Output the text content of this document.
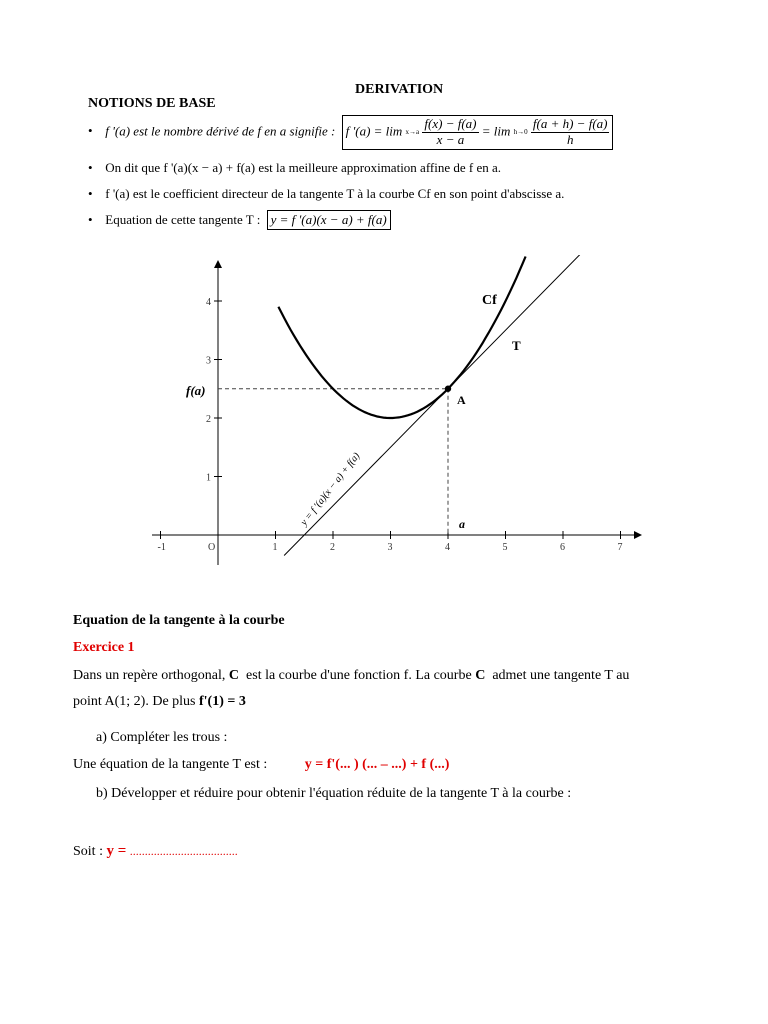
DERIVATION
NOTIONS DE BASE
• f '(a) est le nombre dérivé de f en a signifie : f '(a) = lim x→a
$\frac{f(x) - f(a)}{x - a} = \lim h\to 0$
$\frac{f(a + h) - f(a)}{h}$
• On dit que f '(a)(x − a) + f(a) est la meilleure approximation affine de f en a.
• f '(a) est le coefficient directeur de la tangente T à la courbe Cf en son point d'abscisse a.
• Equation de cette tangente T : y = f '(a)(x − a) + f(a)
-1	O	1	2	3	4	5	6	7
1
2
3
4	Cf
T
A
f(a)
a
y = f '(a)(x − a) + f(a)
Equation de la tangente à la courbe
Exercice 1
Dans un repère orthogonal, C est la courbe d'une fonction f. La courbe C admet une tangente T au
point A(1; 2). De plus f'(1) = 3
a) Compléter les trous :
Une équation de la tangente T est :	y = f'(... ) (... – ...) + f (...)
b) Développer et réduire pour obtenir l'équation réduite de la tangente T à la courbe :
Soit : y = ....................................
